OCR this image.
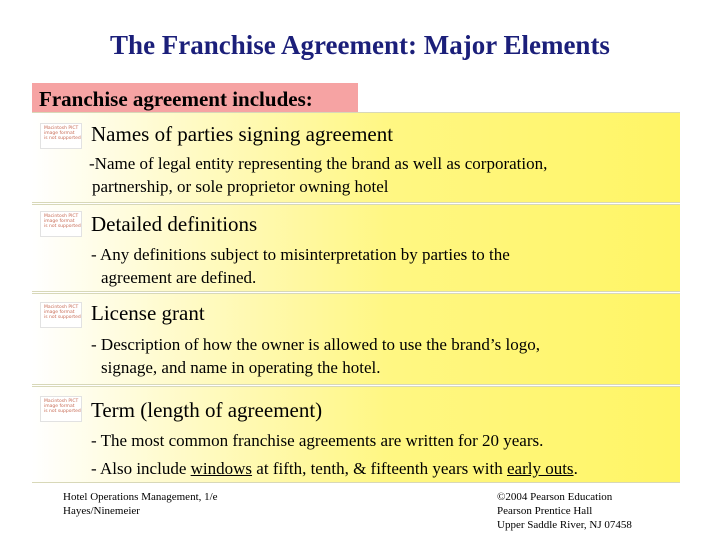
The Franchise Agreement: Major Elements
Franchise agreement includes:
Macintosh PICT
image format
is not supported Names of parties signing agreement
-Name of legal entity representing the brand as well as corporation,
partnership, or sole proprietor owning hotel
Macintosh PICT
image format
is not supported Detailed definitions
- Any definitions subject to misinterpretation by parties to the
agreement are defined.
Macintosh PICT
image format
is not supported License grant
- Description of how the owner is allowed to use the brand’s logo,
signage, and name in operating the hotel.
Macintosh PICT
image format
is not supported Term (length of agreement)
- The most common franchise agreements are written for 20 years.
- Also include windows at fifth, tenth, & fifteenth years with early outs.
Hotel Operations Management, 1/e
Hayes/Ninemeier
©2004 Pearson Education
Pearson Prentice Hall
Upper Saddle River, NJ 07458
